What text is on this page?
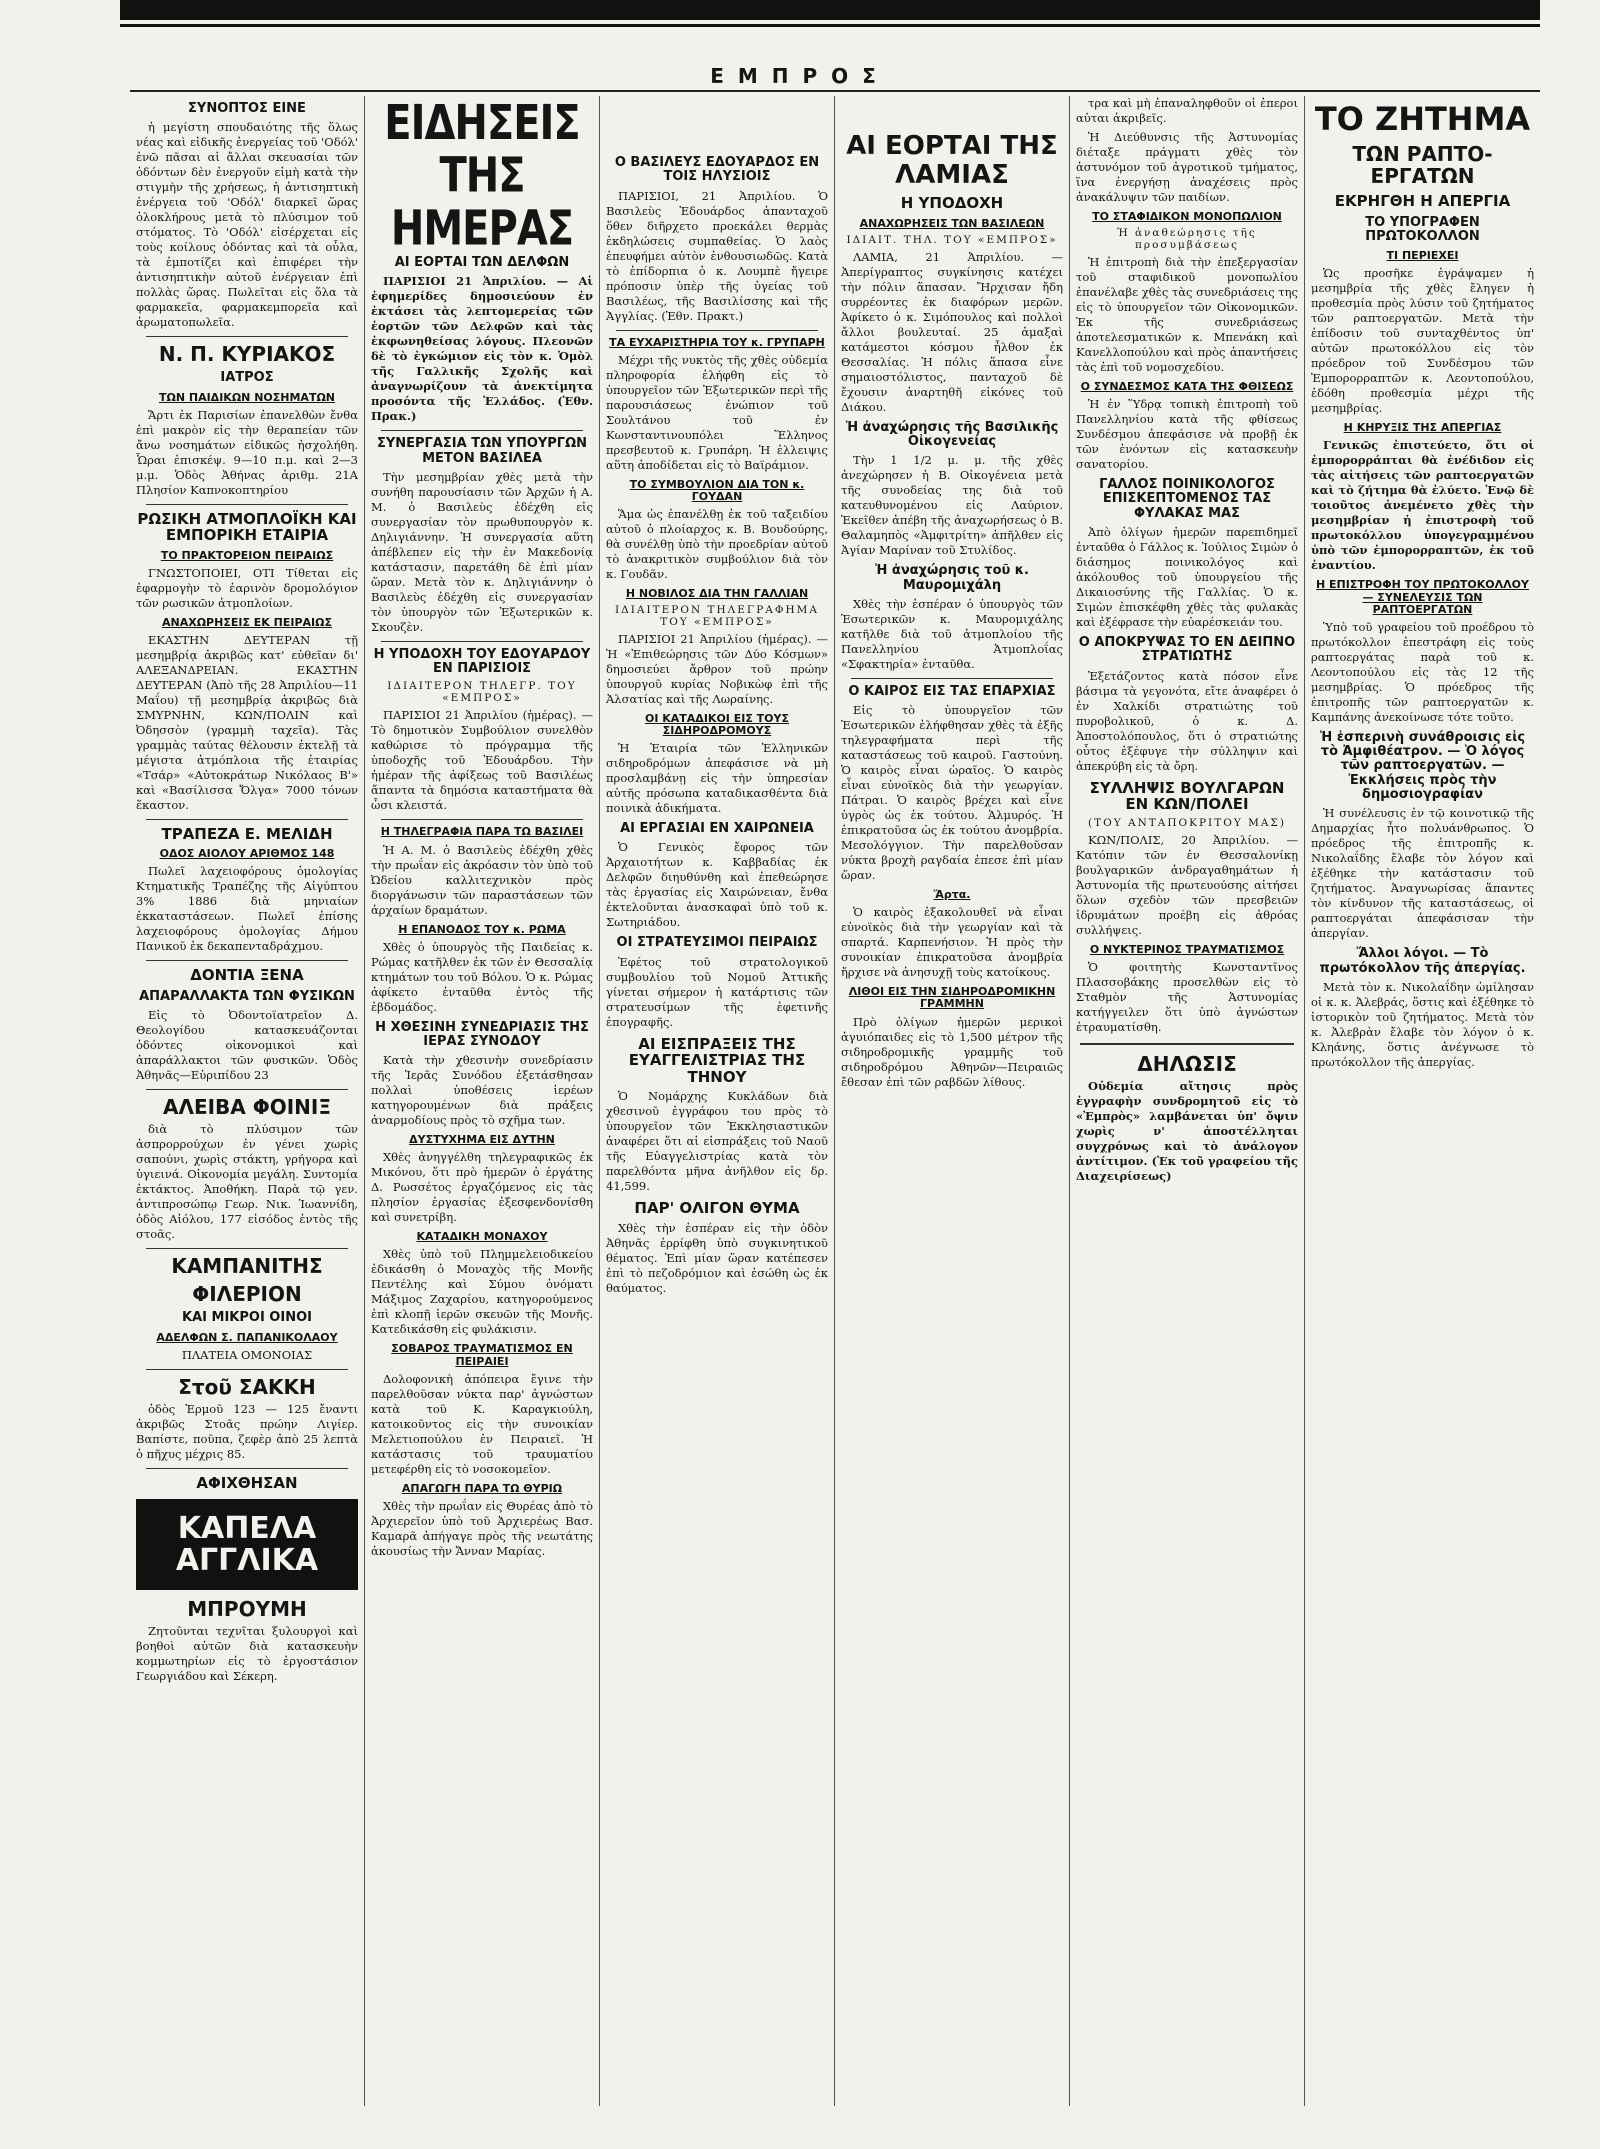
ΕΜΠΡΟΣ
ΣΥΝΟΠΤΟΣ ΕΙΝΕ

ἡ μεγίστη σπουδαιότης τῆς ὅλως νέας καὶ εἰδικῆς ἐνεργείας τοῦ 'Οδόλ' ἐνῶ πᾶσαι αἱ ἄλλαι σκευασίαι τῶν ὀδόντων δὲν ἐνεργοῦν εἰμὴ κατὰ τὴν στιγμὴν τῆς χρήσεως, ἡ ἀντισηπτικὴ ἐνέργεια τοῦ 'Οδόλ' διαρκεῖ ὥρας ὁλοκλήρους μετὰ τὸ πλύσιμον τοῦ στόματος. Τὸ 'Οδόλ' εἰσέρχεται εἰς τοὺς κοίλους ὀδόντας καὶ τὰ οὖλα, τὰ ἐμποτίζει καὶ ἐπιφέρει τὴν ἀντισηπτικὴν αὐτοῦ ἐνέργειαν ἐπὶ πολλὰς ὥρας. Πωλεῖται εἰς ὅλα τὰ φαρμακεῖα, φαρμακεμπορεῖα καὶ ἀρωματοπωλεῖα.

Ν. Π. ΚΥΡΙΑΚΟΣ
ΙΑΤΡΟΣ
ΤΩΝ ΠΑΙΔΙΚΩΝ ΝΟΣΗΜΑΤΩΝ

Ἄρτι ἐκ Παρισίων ἐπανελθὼν ἔνθα ἐπὶ μακρὸν εἰς τὴν θεραπείαν τῶν ἄνω νοσημάτων εἰδικῶς ἠσχολήθη. Ὧραι ἐπισκέψ. 9—10 π.μ. καὶ 2—3 μ.μ. Ὁδὸς Ἀθήνας ἀριθμ. 21Α Πλησίον Καπνοκοπτηρίου

ΡΩΣΙΚΗ ΑΤΜΟΠΛΟΪΚΗ ΚΑΙ ΕΜΠΟΡΙΚΗ ΕΤΑΙΡΙΑ
ΤΟ ΠΡΑΚΤΟΡΕΙΟΝ ΠΕΙΡΑΙΩΣ

ΓΝΩΣΤΟΠΟΙΕΙ, ΟΤΙ Τίθεται εἰς ἐφαρμογὴν τὸ ἐαρινὸν δρομολόγιον τῶν ρωσικῶν ἀτμοπλοίων.

ΑΝΑΧΩΡΗΣΕΙΣ ΕΚ ΠΕΙΡΑΙΩΣ

ΕΚΑΣΤΗΝ ΔΕΥΤΕΡΑΝ τῇ μεσημβρίᾳ ἀκριβῶς κατ' εὐθεῖαν δι' ΑΛΕΞΑΝΔΡΕΙΑΝ. ΕΚΑΣΤΗΝ ΔΕΥΤΕΡΑΝ (Ἀπὸ τῆς 28 Ἀπριλίου—11 Μαΐου) τῇ μεσημβρίᾳ ἀκριβῶς διὰ ΣΜΥΡΝΗΝ, ΚΩΝ/ΠΟΛΙΝ καὶ Ὀδησσὸν (γραμμὴ ταχεῖα). Τὰς γραμμὰς ταύτας θέλουσιν ἐκτελῇ τὰ μέγιστα ἀτμόπλοια τῆς ἑταιρίας «Τσάρ» «Αὐτοκράτωρ Νικόλαος Β'» καὶ «Βασίλισσα Ὄλγα» 7000 τόνων ἕκαστον.

ΤΡΑΠΕΖΑ Ε. ΜΕΛΙΔΗ
ΟΔΟΣ ΑΙΟΛΟΥ ΑΡΙΘΜΟΣ 148

Πωλεῖ λαχειοφόρους ὁμολογίας Κτηματικῆς Τραπέζης τῆς Αἰγύπτου 3% 1886 διὰ μηνιαίων ἐκκαταστάσεων. Πωλεῖ ἐπίσης λαχειοφόρους ὁμολογίας Δήμου Πανικοῦ ἐκ δεκαπενταδράχμου.

ΔΟΝΤΙΑ ΞΕΝΑ
ΑΠΑΡΑΛΛΑΚΤΑ ΤΩΝ ΦΥΣΙΚΩΝ

Εἰς τὸ Ὀδοντοϊατρεῖον Δ. Θεολογίδου κατασκευάζονται ὀδόντες οἰκονομικοὶ καὶ ἀπαράλλακτοι τῶν φυσικῶν. Ὁδὸς Ἀθηνᾶς—Εὐριπίδου 23

ΑΛΕΙΒΑ ΦΟΙΝΙΞ

διὰ τὸ πλύσιμον τῶν ἀσπρορρούχων ἐν γένει χωρὶς σαπούνι, χωρὶς στάκτη, γρήγορα καὶ ὑγιεινά. Οἰκονομία μεγάλη. Συντομία ἐκτάκτος. Ἀποθήκη. Παρὰ τῷ γεν. ἀντιπροσώπῳ Γεωρ. Νικ. Ἰωαννίδη, ὁδὸς Αἰόλου, 177 εἰσόδος ἐντὸς τῆς στοᾶς.

ΚΑΜΠΑΝΙΤΗΣ
ΦΙΛΕΡΙΟΝ
ΚΑΙ ΜΙΚΡΟΙ ΟΙΝΟΙ
ΑΔΕΛΦΩΝ Σ. ΠΑΠΑΝΙΚΟΛΑΟΥ

ΠΛΑΤΕΙΑ ΟΜΟΝΟΙΑΣ

Στοῦ ΣΑΚΚΗ

ὁδὸς Ἑρμοῦ 123 — 125 ἔναντι ἀκριβῶς Στοᾶς πρώην Λιγίερ. Βαπίστε, ποῦπα, ζεφὲρ ἀπὸ 25 λεπτὰ ὁ πῆχυς μέχρις 85.

ΑΦΙΧΘΗΣΑΝ
ΚΑΠΕΛΑ ΑΓΓΛΙΚΑ
ΜΠΡΟΥΜΗ

Ζητοῦνται τεχνῖται ξυλουργοὶ καὶ βοηθοὶ αὐτῶν διὰ κατασκευὴν κομμωτηρίων εἰς τὸ ἐργοστάσιον Γεωργιάδου καὶ Σέκερη.

ΕΙΔΗΣΕΙΣ ΤΗΣ ΗΜΕΡΑΣ
ΑΙ ΕΟΡΤΑΙ ΤΩΝ ΔΕΛΦΩΝ

ΠΑΡΙΣΙΟΙ 21 Ἀπριλίου. — Αἱ ἐφημερίδες δημοσιεύουν ἐν ἐκτάσει τὰς λεπτομερείας τῶν ἑορτῶν τῶν Δελφῶν καὶ τὰς ἐκφωνηθείσας λόγους. Πλεονῶν δὲ τὸ ἐγκώμιον εἰς τὸν κ. Ὁμὸλ τῆς Γαλλικῆς Σχολῆς καὶ ἀναγνωρίζουν τὰ ἀνεκτίμητα προσόντα τῆς Ἑλλάδος. (Ἐθν. Πρακ.)

ΣΥΝΕΡΓΑΣΙΑ ΤΩΝ ΥΠΟΥΡΓΩΝ ΜΕΤΟΝ ΒΑΣΙΛΕΑ

Τὴν μεσημβρίαν χθὲς μετὰ τὴν συνήθη παρουσίασιν τῶν Ἀρχῶν ἡ Α. Μ. ὁ Βασιλεὺς ἐδέχθη εἰς συνεργασίαν τὸν πρωθυπουργὸν κ. Δηλιγιάννην. Ἡ συνεργασία αὕτη ἀπέβλεπεν εἰς τὴν ἐν Μακεδονίᾳ κατάστασιν, παρετάθη δὲ ἐπὶ μίαν ὥραν. Μετὰ τὸν κ. Δηλιγιάννην ὁ Βασιλεὺς ἐδέχθη εἰς συνεργασίαν τὸν ὑπουργὸν τῶν Ἐξωτερικῶν κ. Σκουζὲν.

Η ΥΠΟΔΟΧΗ ΤΟΥ ΕΔΟΥΑΡΔΟΥ ΕΝ ΠΑΡΙΣΙΟΙΣ
ΙΔΙΑΙΤΕΡΟΝ ΤΗΛΕΓΡ. ΤΟΥ «ΕΜΠΡΟΣ»

ΠΑΡΙΣΙΟΙ 21 Ἀπριλίου (ἡμέρας). — Τὸ δημοτικὸν Συμβούλιον συνελθὸν καθώρισε τὸ πρόγραμμα τῆς ὑποδοχῆς τοῦ Ἐδουάρδου. Τὴν ἡμέραν τῆς ἀφίξεως τοῦ Βασιλέως ἄπαντα τὰ δημόσια καταστήματα θὰ ὦσι κλειστά.

Η ΤΗΛΕΓΡΑΦΙΑ ΠΑΡΑ ΤΩ ΒΑΣΙΛΕΙ

Ἡ Α. Μ. ὁ Βασιλεὺς ἐδέχθη χθὲς τὴν πρωΐαν εἰς ἀκρόασιν τὸν ὑπὸ τοῦ Ὠδείου καλλιτεχνικὸν πρὸς διοργάνωσιν τῶν παραστάσεων τῶν ἀρχαίων δραμάτων.

Η ΕΠΑΝΟΔΟΣ ΤΟΥ κ. ΡΩΜΑ

Χθὲς ὁ ὑπουργὸς τῆς Παιδείας κ. Ρώμας κατῆλθεν ἐκ τῶν ἐν Θεσσαλίᾳ κτημάτων του τοῦ Βόλου. Ὁ κ. Ρώμας ἀφίκετο ἐνταῦθα ἐντὸς τῆς ἑβδομάδος.

Η ΧΘΕΣΙΝΗ ΣΥΝΕΔΡΙΑΣΙΣ ΤΗΣ ΙΕΡΑΣ ΣΥΝΟΔΟΥ

Κατὰ τὴν χθεσινὴν συνεδρίασιν τῆς Ἱερᾶς Συνόδου ἐξετάσθησαν πολλαὶ ὑποθέσεις ἱερέων κατηγορουμένων διὰ πράξεις ἀναρμοδίους πρὸς τὸ σχῆμα των.

ΔΥΣΤΥΧΗΜΑ ΕΙΣ ΔΥΤΗΝ

Χθὲς ἀνηγγέλθη τηλεγραφικῶς ἐκ Μικόνου, ὅτι πρὸ ἡμερῶν ὁ ἐργάτης Δ. Ρωσσέτος ἐργαζόμενος εἰς τὰς πλησίον ἐργασίας ἐξεσφενδονίσθη καὶ συνετρίβη.

ΚΑΤΑΔΙΚΗ ΜΟΝΑΧΟΥ

Χθὲς ὑπὸ τοῦ Πλημμελειοδικείου ἐδικάσθη ὁ Μοναχὸς τῆς Μονῆς Πεντέλης καὶ Σύμου ὀνόματι Μάξιμος Ζαχαρίου, κατηγορούμενος ἐπὶ κλοπῇ ἱερῶν σκευῶν τῆς Μονῆς. Κατεδικάσθη εἰς φυλάκισιν.

ΣΟΒΑΡΟΣ ΤΡΑΥΜΑΤΙΣΜΟΣ ΕΝ ΠΕΙΡΑΙΕΙ

Δολοφονικὴ ἀπόπειρα ἔγινε τὴν παρελθοῦσαν νύκτα παρ' ἀγνώστων κατὰ τοῦ Κ. Καραγκιούλη, κατοικοῦντος εἰς τὴν συνοικίαν Μελετιοπούλου ἐν Πειραιεῖ. Ἡ κατάστασις τοῦ τραυματίου μετεφέρθη εἰς τὸ νοσοκομεῖον.

ΑΠΑΓΩΓΗ ΠΑΡΑ ΤΩ ΘΥΡΙΩ

Χθὲς τὴν πρωΐαν εἰς Θυρέας ἀπὸ τὸ Ἀρχιερεῖον ὑπὸ τοῦ Ἀρχιερέως Βασ. Καμαρᾶ ἀπήγαγε πρὸς τῆς νεωτάτης ἀκουσίως τὴν Ἄνναν Μαρίας.

Ο ΒΑΣΙΛΕΥΣ ΕΔΟΥΑΡΔΟΣ ΕΝ ΤΟΙΣ ΗΛΥΣΙΟΙΣ

ΠΑΡΙΣΙΟΙ, 21 Ἀπριλίου. Ὁ Βασιλεὺς Ἐδουάρδος ἁπανταχοῦ ὅθεν διῆρχετο προεκάλει θερμὰς ἐκδηλώσεις συμπαθείας. Ὁ λαὸς ἐπευφήμει αὐτὸν ἐνθουσιωδῶς. Κατὰ τὸ ἐπίδορπια ὁ κ. Λουμπὲ ἤγειρε πρόποσιν ὑπὲρ τῆς ὑγείας τοῦ Βασιλέως, τῆς Βασιλίσσης καὶ τῆς Ἀγγλίας. (Ἐθν. Πρακτ.)

ΤΑ ΕΥΧΑΡΙΣΤΗΡΙΑ ΤΟΥ κ. ΓΡΥΠΑΡΗ

Μέχρι τῆς νυκτὸς τῆς χθὲς οὐδεμία πληροφορία ἐλήφθη εἰς τὸ ὑπουργεῖον τῶν Ἐξωτερικῶν περὶ τῆς παρουσιάσεως ἐνώπιον τοῦ Σουλτάνου τοῦ ἐν Κωνσταντινουπόλει Ἕλληνος πρεσβευτοῦ κ. Γρυπάρη. Ἡ ἐλλειψις αὕτη ἀποδίδεται εἰς τὸ Βαϊράμιον.

ΤΟ ΣΥΜΒΟΥΛΙΟΝ ΔΙΑ ΤΟΝ κ. ΓΟΥΔΑΝ

Ἅμα ὡς ἐπανέλθῃ ἐκ τοῦ ταξειδίου αὐτοῦ ὁ πλοίαρχος κ. Β. Βουδούρης, θὰ συνέλθῃ ὑπὸ τὴν προεδρίαν αὐτοῦ τὸ ἀνακριτικὸν συμβούλιον διὰ τὸν κ. Γουδᾶν.

Η ΝΟΒΙΛΟΣ ΔΙΑ ΤΗΝ ΓΑΛΛΙΑΝ
ΙΔΙΑΙΤΕΡΟΝ ΤΗΛΕΓΡΑΦΗΜΑ ΤΟΥ «ΕΜΠΡΟΣ»

ΠΑΡΙΣΙΟΙ 21 Ἀπριλίου (ἡμέρας). — Ἡ «Ἐπιθεώρησις τῶν Δύο Κόσμων» δημοσιεύει ἄρθρον τοῦ πρώην ὑπουργοῦ κυρίας Νοβικὼφ ἐπὶ τῆς Ἀλσατίας καὶ τῆς Λωραίνης.

ΟΙ ΚΑΤΑΔΙΚΟΙ ΕΙΣ ΤΟΥΣ ΣΙΔΗΡΟΔΡΟΜΟΥΣ

Ἡ Ἑταιρία τῶν Ἑλληνικῶν σιδηροδρόμων ἀπεφάσισε νὰ μὴ προσλαμβάνῃ εἰς τὴν ὑπηρεσίαν αὐτῆς πρόσωπα καταδικασθέντα διὰ ποινικὰ ἀδικήματα.

ΑΙ ΕΡΓΑΣΙΑΙ ΕΝ ΧΑΙΡΩΝΕΙΑ

Ὁ Γενικὸς ἔφορος τῶν Ἀρχαιοτήτων κ. Καββαδίας ἐκ Δελφῶν διηυθύνθη καὶ ἐπεθεώρησε τὰς ἐργασίας εἰς Χαιρώνειαν, ἔνθα ἐκτελοῦνται ἀνασκαφαὶ ὑπὸ τοῦ κ. Σωτηριάδου.

ΟΙ ΣΤΡΑΤΕΥΣΙΜΟΙ ΠΕΙΡΑΙΩΣ

Ἐφέτος τοῦ στρατολογικοῦ συμβουλίου τοῦ Νομοῦ Ἀττικῆς γίνεται σήμερον ἡ κατάρτισις τῶν στρατευσίμων τῆς ἐφετινῆς ἐπογραφῆς.

ΑΙ ΕΙΣΠΡΑΞΕΙΣ ΤΗΣ ΕΥΑΓΓΕΛΙΣΤΡΙΑΣ ΤΗΣ ΤΗΝΟΥ

Ὁ Νομάρχης Κυκλάδων διὰ χθεσινοῦ ἐγγράφου του πρὸς τὸ ὑπουργεῖον τῶν Ἐκκλησιαστικῶν ἀναφέρει ὅτι αἱ εἰσπράξεις τοῦ Ναοῦ τῆς Εὐαγγελιστρίας κατὰ τὸν παρελθόντα μῆνα ἀνῆλθον εἰς δρ. 41,599.

ΠΑΡ' ΟΛΙΓΟΝ ΘΥΜΑ

Χθὲς τὴν ἑσπέραν εἰς τὴν ὁδὸν Ἀθηνᾶς ἐρρίφθη ὑπὸ συγκινητικοῦ θέματος. Ἐπὶ μίαν ὥραν κατέπεσεν ἐπὶ τὸ πεζοδρόμιον καὶ ἐσώθη ὡς ἐκ θαύματος.

ΑΙ ΕΟΡΤΑΙ ΤΗΣ ΛΑΜΙΑΣ
Η ΥΠΟΔΟΧΗ
ΑΝΑΧΩΡΗΣΕΙΣ ΤΩΝ ΒΑΣΙΛΕΩΝ
ΙΔΙΑΙΤ. ΤΗΛ. ΤΟΥ «ΕΜΠΡΟΣ»

ΛΑΜΙΑ, 21 Ἀπριλίου. — Ἀπερίγραπτος συγκίνησις κατέχει τὴν πόλιν ἅπασαν. Ἤρχισαν ἤδη συρρέοντες ἐκ διαφόρων μερῶν. Ἀφίκετο ὁ κ. Σιμόπουλος καὶ πολλοὶ ἄλλοι βουλευταί. 25 ἁμαξαὶ κατάμεστοι κόσμου ἦλθον ἐκ Θεσσαλίας. Ἡ πόλις ἅπασα εἶνε σημαιοστόλιστος, πανταχοῦ δὲ ἔχουσιν ἀναρτηθῆ εἰκόνες τοῦ Διάκου.

Ἡ ἀναχώρησις τῆς Βασιλικῆς Οἰκογενείας

Τὴν 1 1/2 μ. μ. τῆς χθὲς ἀνεχώρησεν ἡ Β. Οἰκογένεια μετὰ τῆς συνοδείας της διὰ τοῦ κατευθυνομένου εἰς Λαύριον. Ἐκεῖθεν ἀπέβη τῆς ἀναχωρήσεως ὁ Β. Θαλαμηπὸς «Ἀμφιτρίτη» ἀπῆλθεν εἰς Ἀγίαν Μαρίναν τοῦ Στυλίδος.

Ἡ ἀναχώρησις τοῦ κ. Μαυρομιχάλη

Χθὲς τὴν ἑσπέραν ὁ ὑπουργὸς τῶν Ἐσωτερικῶν κ. Μαυρομιχάλης κατῆλθε διὰ τοῦ ἀτμοπλοίου τῆς Πανελληνίου Ἀτμοπλοΐας «Σφακτηρία» ἐνταῦθα.

Ο ΚΑΙΡΟΣ ΕΙΣ ΤΑΣ ΕΠΑΡΧΙΑΣ

Εἰς τὸ ὑπουργεῖον τῶν Ἐσωτερικῶν ἐλήφθησαν χθὲς τὰ ἑξῆς τηλεγραφήματα περὶ τῆς καταστάσεως τοῦ καιροῦ. Γαστούνη. Ὁ καιρὸς εἶναι ὡραῖος. Ὁ καιρὸς εἶναι εὐνοϊκὸς διὰ τὴν γεωργίαν. Πάτραι. Ὁ καιρὸς βρέχει καὶ εἶνε ὑγρὸς ὡς ἐκ τούτου. Ἁλμυρός. Ἡ ἐπικρατοῦσα ὡς ἐκ τούτου ἀνομβρία. Μεσολόγγιον. Τὴν παρελθοῦσαν νύκτα βροχὴ ραγδαία ἐπεσε ἐπὶ μίαν ὥραν.

Ἄρτα.

Ὁ καιρὸς ἐξακολουθεῖ νὰ εἶναι εὐνοϊκὸς διὰ τὴν γεωργίαν καὶ τὰ σπαρτά. Καρπενήσιον. Ἡ πρὸς τὴν συνοικίαν ἐπικρατοῦσα ἀνομβρία ἤρχισε νὰ ἀνησυχῇ τοὺς κατοίκους.

ΛΙΘΟΙ ΕΙΣ ΤΗΝ ΣΙΔΗΡΟΔΡΟΜΙΚΗΝ ΓΡΑΜΜΗΝ

Πρὸ ὀλίγων ἡμερῶν μερικοὶ ἀγυιόπαιδες εἰς τὸ 1,500 μέτρον τῆς σιδηροδρομικῆς γραμμῆς τοῦ σιδηροδρόμου Ἀθηνῶν—Πειραιῶς ἔθεσαν ἐπὶ τῶν ραβδῶν λίθους.

τρα καὶ μὴ ἐπαναληφθοῦν οἱ ἐπεροι αὐται ἀκριβεῖς.

Ἡ Διεύθυνσις τῆς Ἀστυνομίας διέταξε πράγματι χθὲς τὸν ἀστυνόμον τοῦ ἀγροτικοῦ τμήματος, ἵνα ἐνεργήσῃ ἀναχέσεις πρὸς ἀνακάλυψιν τῶν παιδίων.

ΤΟ ΣΤΑΦΙΔΙΚΟΝ ΜΟΝΟΠΩΛΙΟΝ
Ἡ ἀναθεώρησις τῆς προσυμβάσεως

Ἡ ἐπιτροπὴ διὰ τὴν ἐπεξεργασίαν τοῦ σταφιδικοῦ μονοπωλίου ἐπανέλαβε χθὲς τὰς συνεδριάσεις της εἰς τὸ ὑπουργεῖον τῶν Οἰκονομικῶν. Ἐκ τῆς συνεδριάσεως ἀποτελεσματικῶν κ. Μπενάκη καὶ Κανελλοπούλου καὶ πρὸς ἀπαντήσεις τὰς ἐπὶ τοῦ νομοσχεδίου.

Ο ΣΥΝΔΕΣΜΟΣ ΚΑΤΑ ΤΗΣ ΦΘΙΣΕΩΣ

Ἡ ἐν Ὕδρᾳ τοπικὴ ἐπιτροπὴ τοῦ Πανελληνίου κατὰ τῆς φθίσεως Συνδέσμου ἀπεφάσισε νὰ προβῇ ἐκ τῶν ἐνόντων εἰς κατασκευὴν σανατορίου.

ΓΑΛΛΟΣ ΠΟΙΝΙΚΟΛΟΓΟΣ ΕΠΙΣΚΕΠΤΟΜΕΝΟΣ ΤΑΣ ΦΥΛΑΚΑΣ ΜΑΣ

Ἀπὸ ὀλίγων ἡμερῶν παρεπιδημεῖ ἐνταῦθα ὁ Γάλλος κ. Ἰούλιος Σιμὼν ὁ διάσημος ποινικολόγος καὶ ἀκόλουθος τοῦ ὑπουργείου τῆς Δικαιοσύνης τῆς Γαλλίας. Ὁ κ. Σιμὼν ἐπισκέφθη χθὲς τὰς φυλακὰς καὶ ἐξέφρασε τὴν εὐαρέσκειάν του.

Ο ΑΠΟΚΡΥΨΑΣ ΤΟ ΕΝ ΔΕΙΠΝΟ ΣΤΡΑΤΙΩΤΗΣ

Ἐξετάζοντος κατὰ πόσον εἶνε βάσιμα τὰ γεγονότα, εἴτε ἀναφέρει ὁ ἐν Χαλκίδι στρατιώτης τοῦ πυροβολικοῦ, ὁ κ. Δ. Ἀποστολόπουλος, ὅτι ὁ στρατιώτης οὗτος ἐξέφυγε τὴν σύλληψιν καὶ ἀπεκρύβη εἰς τὰ ὄρη.

ΣΥΛΛΗΨΙΣ ΒΟΥΛΓΑΡΩΝ ΕΝ ΚΩΝ/ΠΟΛΕΙ
(ΤΟΥ ΑΝΤΑΠΟΚΡΙΤΟΥ ΜΑΣ)

ΚΩΝ/ΠΟΛΙΣ, 20 Ἀπριλίου. — Κατόπιν τῶν ἐν Θεσσαλονίκῃ βουλγαρικῶν ἀνδραγαθημάτων ἡ Ἀστυνομία τῆς πρωτευούσης αἰτήσει ὅλων σχεδὸν τῶν πρεσβειῶν ἰδρυμάτων προέβη εἰς ἀθρόας συλλήψεις.

Ο ΝΥΚΤΕΡΙΝΟΣ ΤΡΑΥΜΑΤΙΣΜΟΣ

Ὁ φοιτητὴς Κωνσταντῖνος Πλασσοβάκης προσελθὼν εἰς τὸ Σταθμὸν τῆς Ἀστυνομίας κατήγγειλεν ὅτι ὑπὸ ἀγνώστων ἐτραυματίσθη.

ΔΗΛΩΣΙΣ

Οὐδεμία αἴτησις πρὸς ἐγγραφὴν συνδρομητοῦ εἰς τὸ «Ἐμπρὸς» λαμβάνεται ὑπ' ὄψιν χωρὶς ν' ἀποστέλληται συγχρόνως καὶ τὸ ἀνάλογον ἀντίτιμον. (Ἐκ τοῦ γραφείου τῆς Διαχειρίσεως)

ΤΟ ΖΗΤΗΜΑ
ΤΩΝ ΡΑΠΤΟ-ΕΡΓΑΤΩΝ
ΕΚΡΗΓΘΗ Η ΑΠΕΡΓΙΑ
ΤΟ ΥΠΟΓΡΑΦΕΝ ΠΡΩΤΟΚΟΛΛΟΝ
ΤΙ ΠΕΡΙΕΧΕΙ

Ὡς προσῆκε ἐγράψαμεν ἡ μεσημβρία τῆς χθὲς ἔληγεν ἡ προθεσμία πρὸς λύσιν τοῦ ζητήματος τῶν ραπτοεργατῶν. Μετὰ τὴν ἐπίδοσιν τοῦ συνταχθέντος ὑπ' αὐτῶν πρωτοκόλλου εἰς τὸν πρόεδρον τοῦ Συνδέσμου τῶν Ἐμπορορραπτῶν κ. Λεοντοπούλου, ἐδόθη προθεσμία μέχρι τῆς μεσημβρίας.

Η ΚΗΡΥΞΙΣ ΤΗΣ ΑΠΕΡΓΙΑΣ

Γενικῶς ἐπιστεύετο, ὅτι οἱ ἐμπορορράπται θὰ ἐνέδιδον εἰς τὰς αἰτήσεις τῶν ραπτοεργατῶν καὶ τὸ ζήτημα θὰ ἐλύετο. Ἐνῷ δὲ τοιοῦτος ἀνεμένετο χθὲς τὴν μεσημβρίαν ἡ ἐπιστροφὴ τοῦ πρωτοκόλλου ὑπογεγραμμένου ὑπὸ τῶν ἐμπορορραπτῶν, ἐκ τοῦ ἐναντίου.

Η ΕΠΙΣΤΡΟΦΗ ΤΟΥ ΠΡΩΤΟΚΟΛΛΟΥ — ΣΥΝΕΛΕΥΣΙΣ ΤΩΝ ΡΑΠΤΟΕΡΓΑΤΩΝ

Ὑπὸ τοῦ γραφείου τοῦ προέδρου τὸ πρωτόκολλον ἐπεστράφη εἰς τοὺς ραπτοεργάτας παρὰ τοῦ κ. Λεοντοπούλου εἰς τὰς 12 τῆς μεσημβρίας. Ὁ πρόεδρος τῆς ἐπιτροπῆς τῶν ραπτοεργατῶν κ. Καμπάνης ἀνεκοίνωσε τότε τοῦτο.

Ἡ ἑσπερινὴ συνάθροισις εἰς τὸ Ἀμφιθέατρον. — Ὁ λόγος τῶν ραπτοεργατῶν. — Ἐκκλήσεις πρὸς τὴν δημοσιογραφίαν

Ἡ συνέλευσις ἐν τῷ κοινοτικῷ τῆς Δημαρχίας ἦτο πολυάνθρωπος. Ὁ πρόεδρος τῆς ἐπιτροπῆς κ. Νικολαΐδης ἔλαβε τὸν λόγον καὶ ἐξέθηκε τὴν κατάστασιν τοῦ ζητήματος. Ἀναγνωρίσας ἅπαντες τὸν κίνδυνον τῆς καταστάσεως, οἱ ραπτοεργάται ἀπεφάσισαν τὴν ἀπεργίαν.

Ἄλλοι λόγοι. — Τὸ πρωτόκολλον τῆς ἀπεργίας.

Μετὰ τὸν κ. Νικολαΐδην ὡμίλησαν οἱ κ. κ. Ἀλεβράς, ὅστις καὶ ἐξέθηκε τὸ ἱστορικὸν τοῦ ζητήματος. Μετὰ τὸν κ. Ἀλεβρὰν ἔλαβε τὸν λόγον ὁ κ. Κληάνης, ὅστις ἀνέγνωσε τὸ πρωτόκολλον τῆς ἀπεργίας.
